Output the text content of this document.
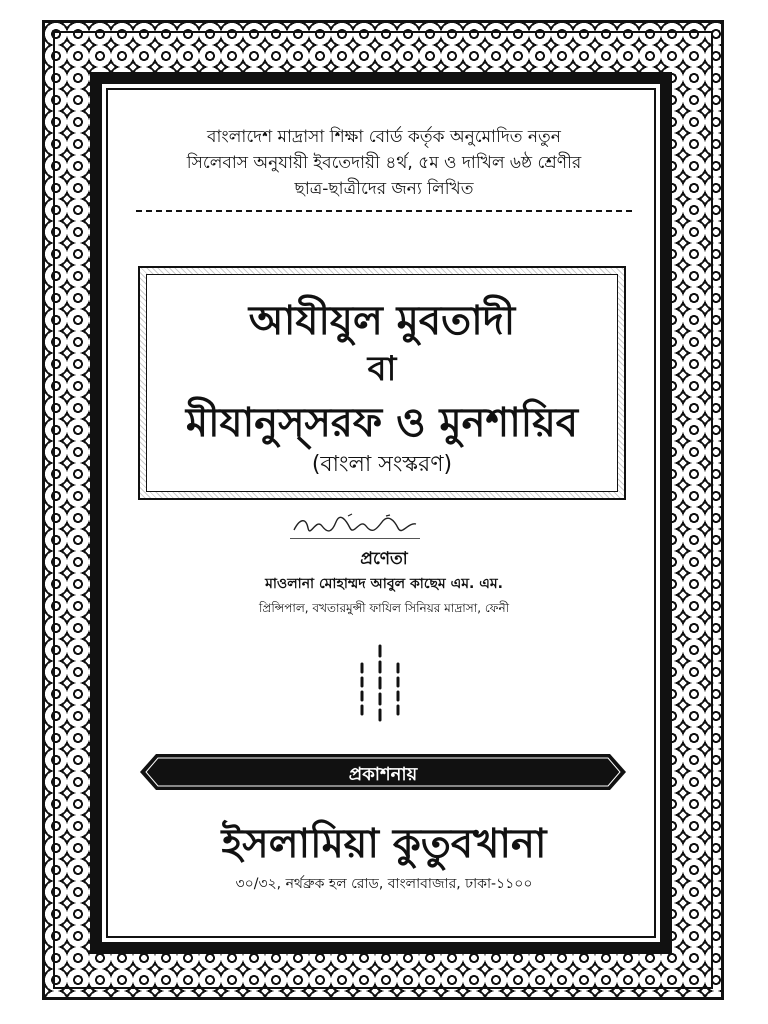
বাংলাদেশ মাদ্রাসা শিক্ষা বোর্ড কর্তৃক অনুমোদিত নতুন
সিলেবাস অনুযায়ী ইবতেদায়ী ৪র্থ, ৫ম ও দাখিল ৬ষ্ঠ শ্রেণীর
ছাত্র-ছাত্রীদের জন্য লিখিত
আযীযুল মুবতাদী
বা
মীযানুস্‌সরফ ও মুনশায়িব
(বাংলা সংস্করণ)
প্রণেতা
মাওলানা মোহাম্মদ আবুল কাছেম এম. এম.
প্রিন্সিপাল, বখতারমুন্সী ফাযিল সিনিয়র মাদ্রাসা, ফেনী
প্রকাশনায়
ইসলামিয়া কুতুবখানা
৩০/৩২, নর্থব্রুক হল রোড, বাংলাবাজার, ঢাকা-১১০০
